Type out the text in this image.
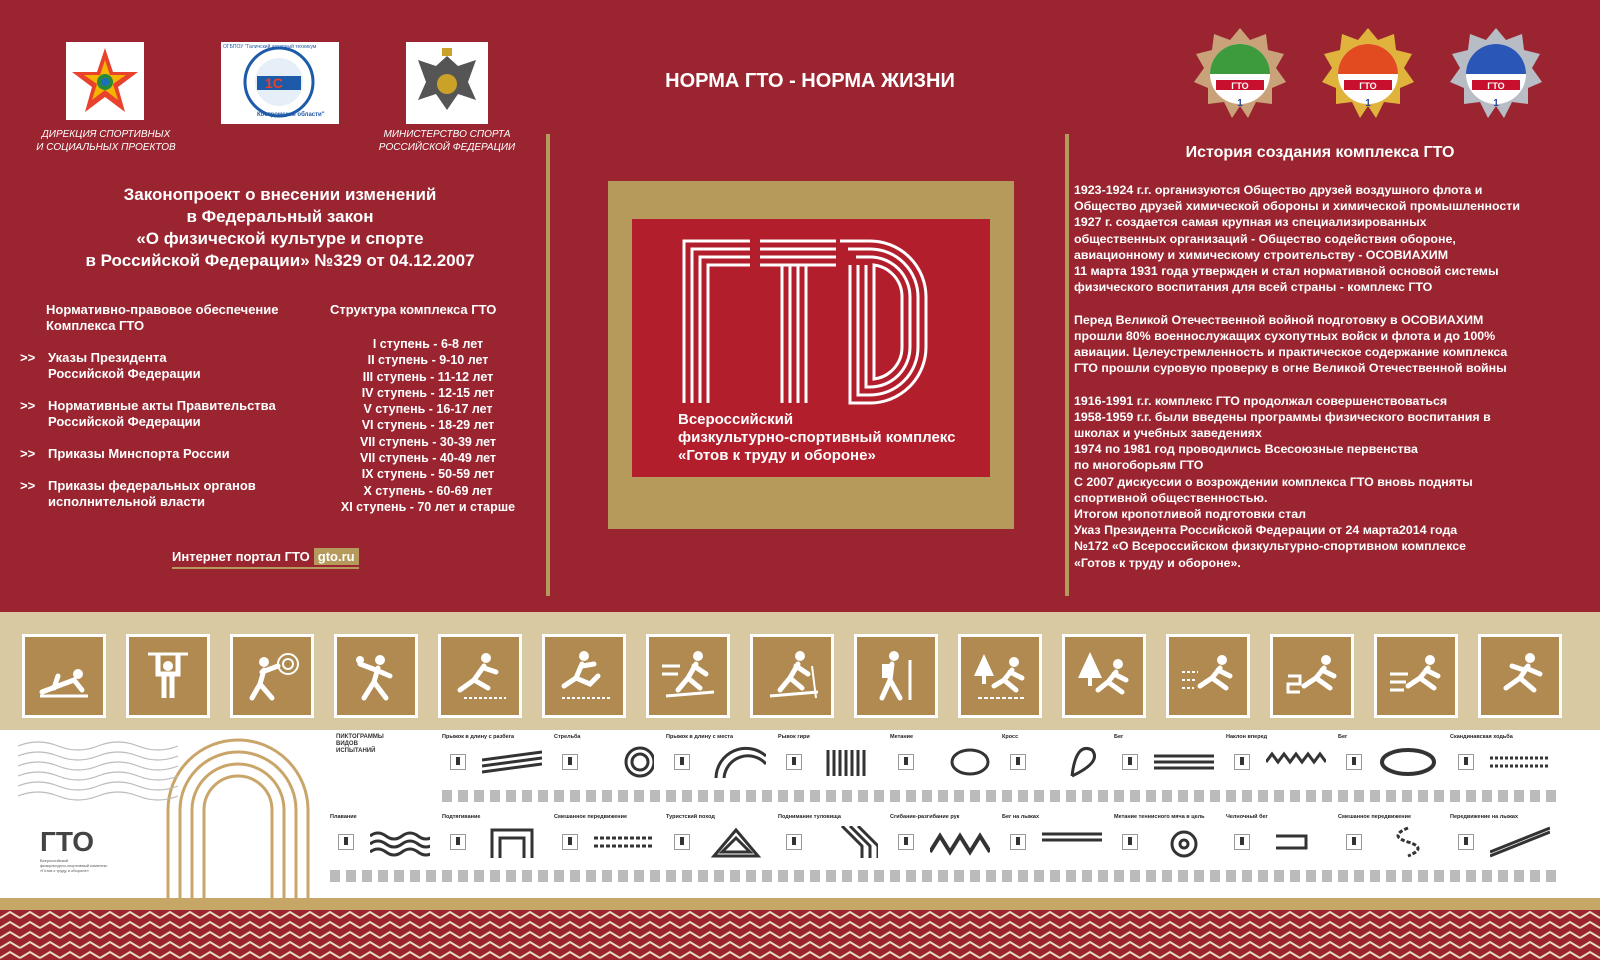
ДИРЕКЦИЯ СПОРТИВНЫХ
И СОЦИАЛЬНЫХ ПРОЕКТОВ
ОГБПОУ "Галичский аграрный техникум
1С
Костромской области"
МИНИСТЕРСТВО СПОРТА
РОССИЙСКОЙ ФЕДЕРАЦИИ
НОРМА ГТО - НОРМА ЖИЗНИ	ГТО
1
ГТО
1
ГТО
1
Законопроект о внесении изменений
в Федеральный закон
«О физической культуре и спорте
в Российской Федерации» №329 от 04.12.2007
Нормативно-правовое обеспечение
Комплекса ГТО
Структура комплекса ГТО
>> Указы Президента
Российской Федерации
>> Нормативные акты Правительства
Российской Федерации
>> Приказы Минспорта России
>> Приказы федеральных органов
исполнительной власти
I ступень - 6-8 лет
II ступень - 9-10 лет
III ступень - 11-12 лет
IV ступень - 12-15 лет
V ступень - 16-17 лет
VI ступень - 18-29 лет
VII ступень - 30-39 лет
VII ступень - 40-49 лет
IX ступень - 50-59 лет
X ступень - 60-69 лет
XI ступень - 70 лет и старше
Интернет портал ГТО gto.ru
Всероссийский
физкультурно-спортивный комплекс
«Готов к труду и обороне»
История создания комплекса ГТО

1923-1924 г.г. организуются Общество друзей воздушного флота и

Общество друзей химической обороны и химической промышленности

1927 г. создается самая крупная из специализированных

общественных организаций - Общество содействия обороне,

авиационному и химическому строительству - ОСОВИАХИМ

11 марта 1931 года утвержден и стал нормативной основой системы

физического воспитания для всей страны - комплекс ГТО

Перед Великой Отечественной войной подготовку в ОСОВИАХИМ

прошли 80% военнослужащих сухопутных войск и флота и до 100%

авиации. Целеустремленность и практическое содержание комплекса

ГТО прошли суровую проверку в огне Великой Отечественной войны

1916-1991 г.г. комплекс ГТО продолжал совершенствоваться

1958-1959 г.г. были введены программы физического воспитания в

школах и учебных заведениях

1974 по 1981 год проводились Всесоюзные первенства

по многоборьям ГТО

С 2007 дискуссии о возрождении комплекса ГТО вновь подняты

спортивной общественностью.

Итогом кропотливой подготовки стал

Указ Президента Российской Федерации от 24 марта2014 года

№172 «О Всероссийском физкультурно-спортивном комплексе

«Готов к труду и обороне».

ГТО
Всероссийский
физкультурно-спортивный комплекс
«Готов к труду и обороне»
ПИКТОГРАММЫ
ВИДОВ
ИСПЫТАНИЙ
Прыжок в длину с разбега	Стрельба	Прыжок в длину с места	Рывок гири	Метание	Кросс	Бег	Наклон вперед	Бег	Скандинавская ходьба
Плавание	Подтягивание	Смешанное передвижение	Туристский поход	Поднимание туловища	Сгибание-разгибание рук	Бег на лыжах	Метание теннисного мяча в цель	Челночный бег	Смешанное передвижение	Передвижение на лыжах
